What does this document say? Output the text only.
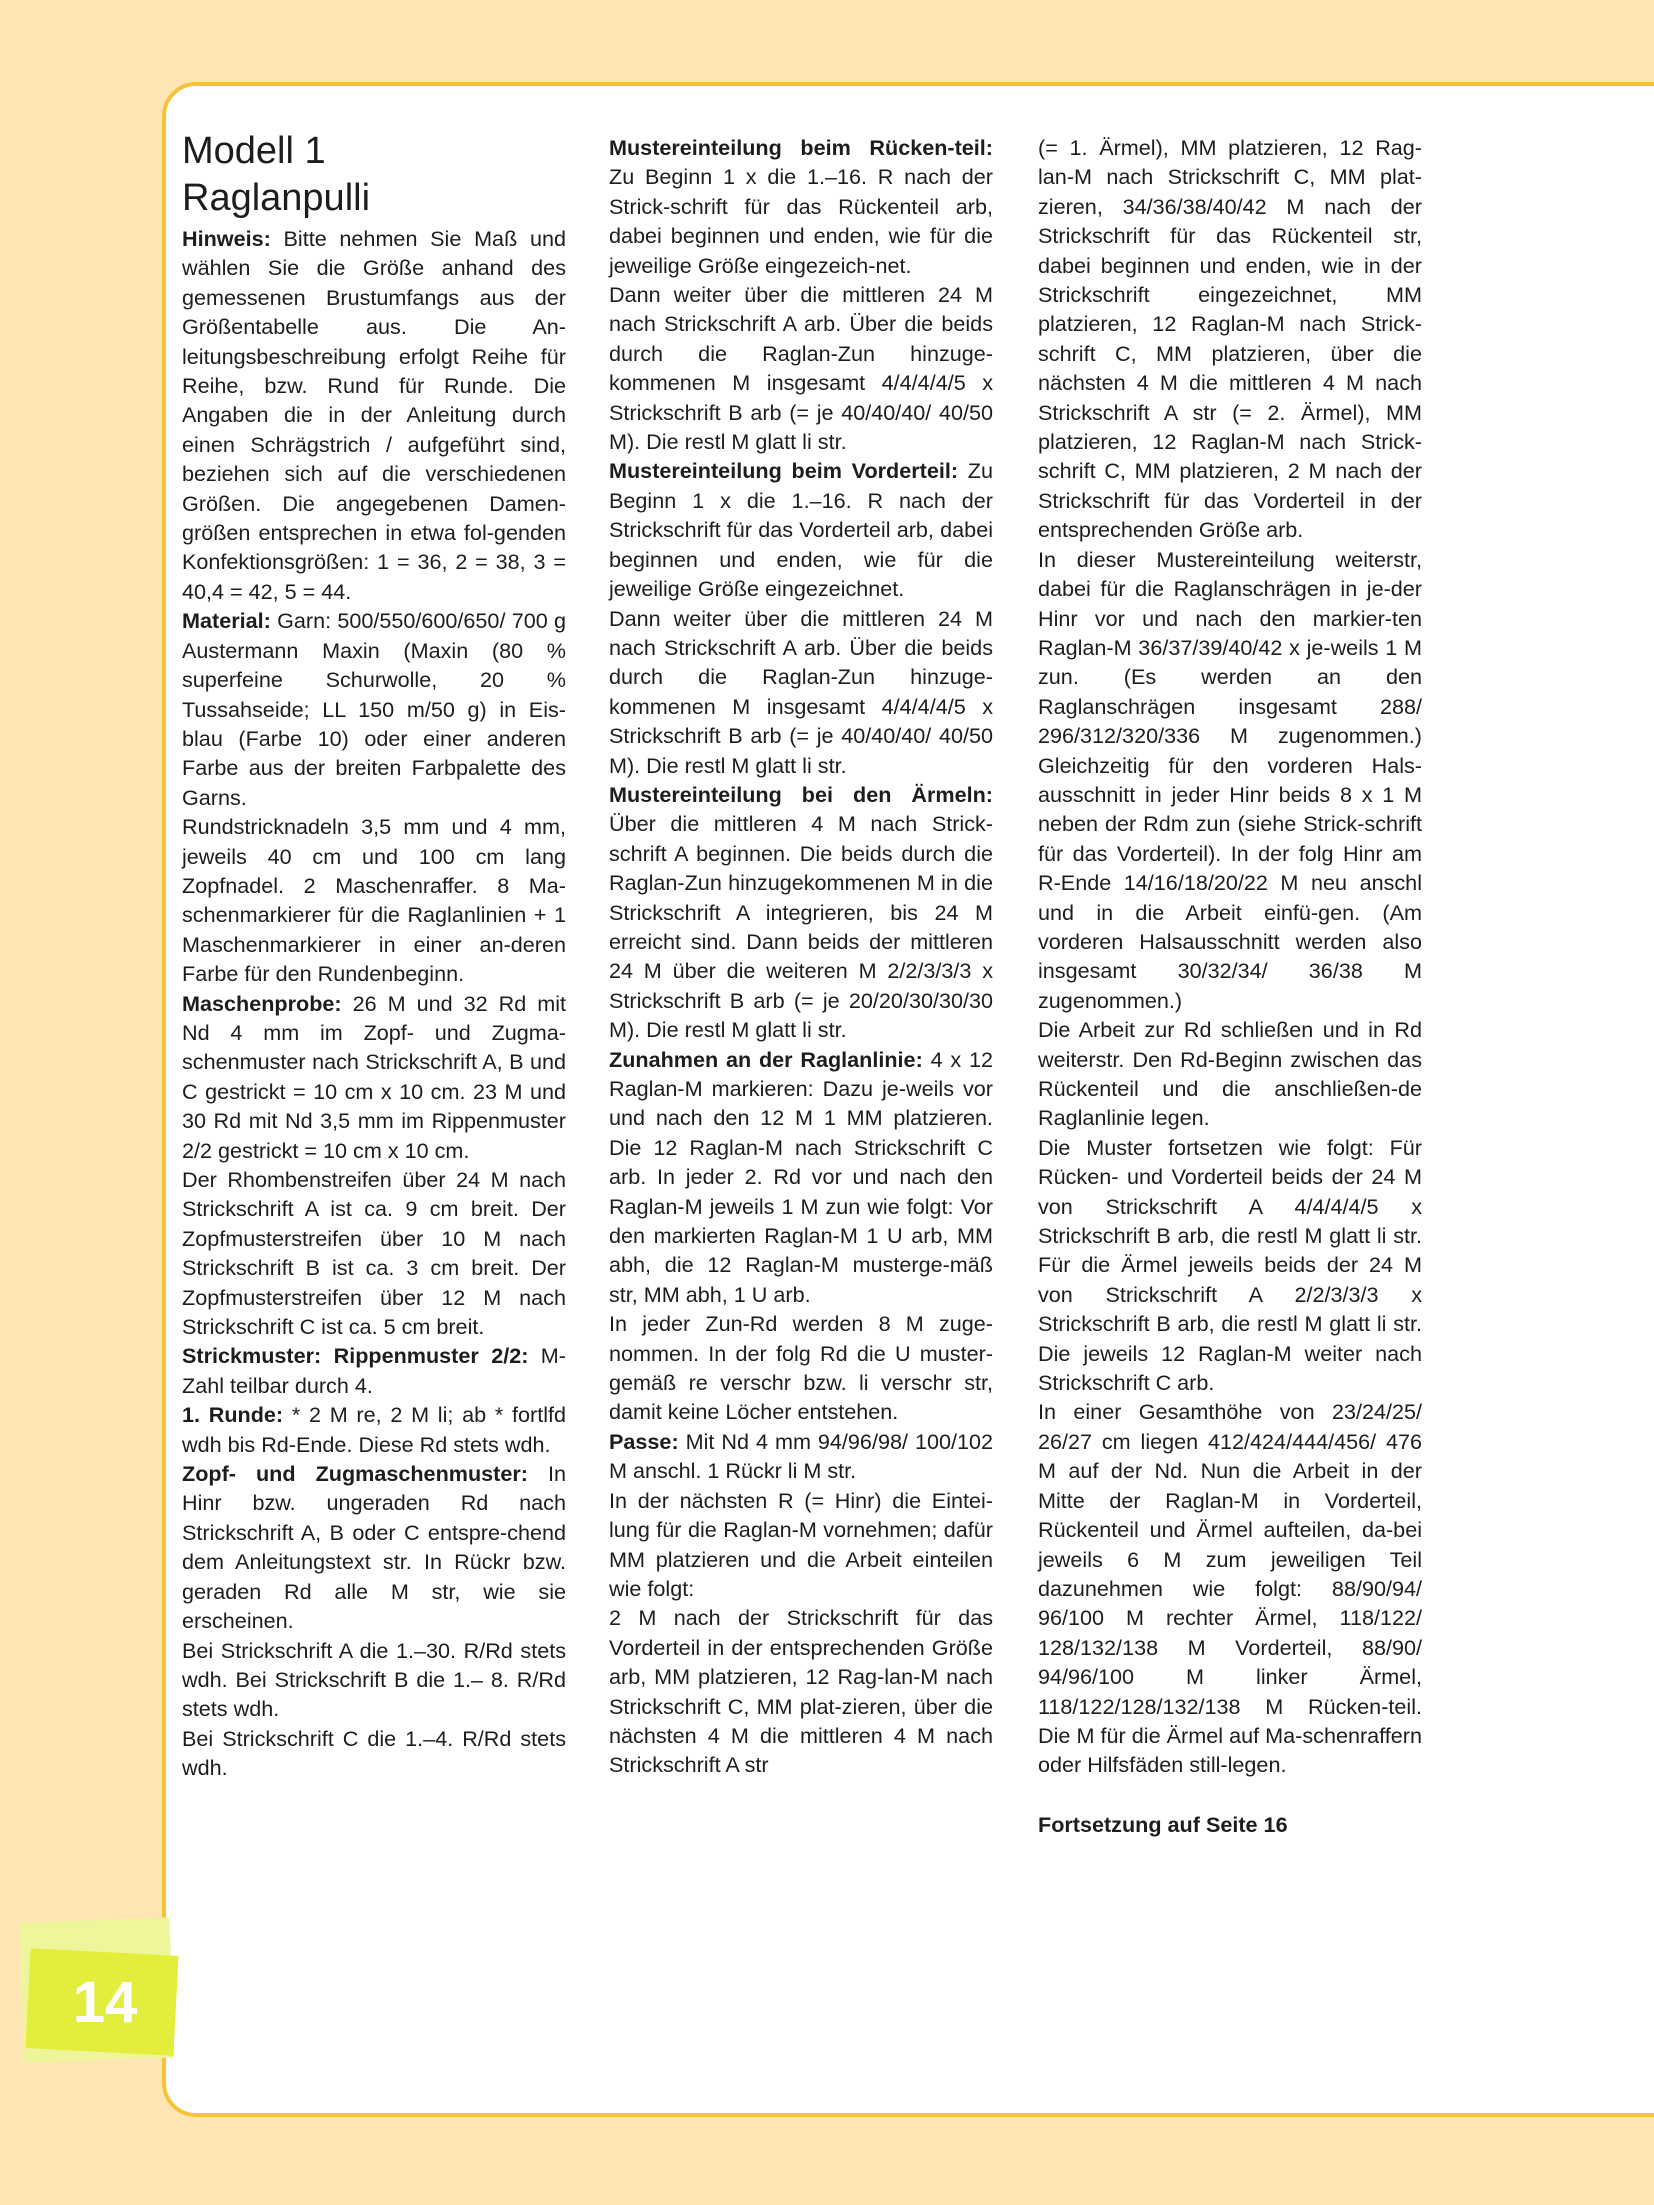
14
Modell 1
Raglanpulli

Hinweis: Bitte nehmen Sie Maß und wählen Sie die Größe anhand des gemessenen Brustumfangs aus der Größentabelle aus. Die An-leitungsbeschreibung erfolgt Reihe für Reihe, bzw. Rund für Runde. Die Angaben die in der Anleitung durch einen Schrägstrich / aufgeführt sind, beziehen sich auf die verschiedenen Größen. Die angegebenen Damen-größen entsprechen in etwa fol-genden Konfektionsgrößen: 1 = 36, 2 = 38, 3 = 40,4 = 42, 5 = 44.

Material: Garn: 500/550/600/650/ 700 g Austermann Maxin (Maxin (80 % superfeine Schurwolle, 20 % Tussahseide; LL 150 m/50 g) in Eis-blau (Farbe 10) oder einer anderen Farbe aus der breiten Farbpalette des Garns.

Rundstricknadeln 3,5 mm und 4 mm, jeweils 40 cm und 100 cm lang Zopfnadel. 2 Maschenraffer. 8 Ma-schenmarkierer für die Raglanlinien + 1 Maschenmarkierer in einer an-deren Farbe für den Rundenbeginn.

Maschenprobe: 26 M und 32 Rd mit Nd 4 mm im Zopf- und Zugma-schenmuster nach Strickschrift A, B und C gestrickt = 10 cm x 10 cm. 23 M und 30 Rd mit Nd 3,5 mm im Rippenmuster 2/2 gestrickt = 10 cm x 10 cm.

Der Rhombenstreifen über 24 M nach Strickschrift A ist ca. 9 cm breit. Der Zopfmusterstreifen über 10 M nach Strickschrift B ist ca. 3 cm breit. Der Zopfmusterstreifen über 12 M nach Strickschrift C ist ca. 5 cm breit.

Strickmuster: Rippenmuster 2/2: M-Zahl teilbar durch 4.

1. Runde: * 2 M re, 2 M li; ab * fortlfd wdh bis Rd-Ende. Diese Rd stets wdh.

Zopf- und Zugmaschenmuster: In Hinr bzw. ungeraden Rd nach Strickschrift A, B oder C entspre-chend dem Anleitungstext str. In Rückr bzw. geraden Rd alle M str, wie sie erscheinen.

Bei Strickschrift A die 1.–30. R/Rd stets wdh. Bei Strickschrift B die 1.– 8. R/Rd stets wdh.

Bei Strickschrift C die 1.–4. R/Rd stets wdh.

Mustereinteilung beim Rücken-teil: Zu Beginn 1 x die 1.–16. R nach der Strick-schrift für das Rückenteil arb, dabei beginnen und enden, wie für die jeweilige Größe eingezeich-net.

Dann weiter über die mittleren 24 M nach Strickschrift A arb. Über die beids durch die Raglan-Zun hinzuge-kommenen M insgesamt 4/4/4/4/5 x Strickschrift B arb (= je 40/40/40/ 40/50 M). Die restl M glatt li str.

Mustereinteilung beim Vorderteil: Zu Beginn 1 x die 1.–16. R nach der Strickschrift für das Vorderteil arb, dabei beginnen und enden, wie für die jeweilige Größe eingezeichnet.

Dann weiter über die mittleren 24 M nach Strickschrift A arb. Über die beids durch die Raglan-Zun hinzuge-kommenen M insgesamt 4/4/4/4/5 x Strickschrift B arb (= je 40/40/40/ 40/50 M). Die restl M glatt li str.

Mustereinteilung bei den Ärmeln: Über die mittleren 4 M nach Strick-schrift A beginnen. Die beids durch die Raglan-Zun hinzugekommenen M in die Strickschrift A integrieren, bis 24 M erreicht sind. Dann beids der mittleren 24 M über die weiteren M 2/2/3/3/3 x Strickschrift B arb (= je 20/20/30/30/30 M). Die restl M glatt li str.

Zunahmen an der Raglanlinie: 4 x 12 Raglan-M markieren: Dazu je-weils vor und nach den 12 M 1 MM platzieren. Die 12 Raglan-M nach Strickschrift C arb. In jeder 2. Rd vor und nach den Raglan-M jeweils 1 M zun wie folgt: Vor den markierten Raglan-M 1 U arb, MM abh, die 12 Raglan-M musterge-mäß str, MM abh, 1 U arb.

In jeder Zun-Rd werden 8 M zuge-nommen. In der folg Rd die U muster-gemäß re verschr bzw. li verschr str, damit keine Löcher entstehen.

Passe: Mit Nd 4 mm 94/96/98/ 100/102 M anschl. 1 Rückr li M str.

In der nächsten R (= Hinr) die Eintei-lung für die Raglan-M vornehmen; dafür MM platzieren und die Arbeit einteilen wie folgt:

2 M nach der Strickschrift für das Vorderteil in der entsprechenden Größe arb, MM platzieren, 12 Rag-lan-M nach Strickschrift C, MM plat-zieren, über die nächsten 4 M die mittleren 4 M nach Strickschrift A str

(= 1. Ärmel), MM platzieren, 12 Rag-lan-M nach Strickschrift C, MM plat-zieren, 34/36/38/40/42 M nach der Strickschrift für das Rückenteil str, dabei beginnen und enden, wie in der Strickschrift eingezeichnet, MM platzieren, 12 Raglan-M nach Strick-schrift C, MM platzieren, über die nächsten 4 M die mittleren 4 M nach Strickschrift A str (= 2. Ärmel), MM platzieren, 12 Raglan-M nach Strick-schrift C, MM platzieren, 2 M nach der Strickschrift für das Vorderteil in der entsprechenden Größe arb.

In dieser Mustereinteilung weiterstr, dabei für die Raglanschrägen in je-der Hinr vor und nach den markier-ten Raglan-M 36/37/39/40/42 x je-weils 1 M zun. (Es werden an den Raglanschrägen insgesamt 288/ 296/312/320/336 M zugenommen.) Gleichzeitig für den vorderen Hals-ausschnitt in jeder Hinr beids 8 x 1 M neben der Rdm zun (siehe Strick-schrift für das Vorderteil). In der folg Hinr am R-Ende 14/16/18/20/22 M neu anschl und in die Arbeit einfü-gen. (Am vorderen Halsausschnitt werden also insgesamt 30/32/34/ 36/38 M zugenommen.)

Die Arbeit zur Rd schließen und in Rd weiterstr. Den Rd-Beginn zwischen das Rückenteil und die anschließen-de Raglanlinie legen.

Die Muster fortsetzen wie folgt: Für Rücken- und Vorderteil beids der 24 M von Strickschrift A 4/4/4/4/5 x Strickschrift B arb, die restl M glatt li str. Für die Ärmel jeweils beids der 24 M von Strickschrift A 2/2/3/3/3 x Strickschrift B arb, die restl M glatt li str. Die jeweils 12 Raglan-M weiter nach Strickschrift C arb.

In einer Gesamthöhe von 23/24/25/ 26/27 cm liegen 412/424/444/456/ 476 M auf der Nd. Nun die Arbeit in der Mitte der Raglan-M in Vorderteil, Rückenteil und Ärmel aufteilen, da-bei jeweils 6 M zum jeweiligen Teil dazunehmen wie folgt: 88/90/94/ 96/100 M rechter Ärmel, 118/122/ 128/132/138 M Vorderteil, 88/90/ 94/96/100 M linker Ärmel, 118/122/128/132/138 M Rücken-teil. Die M für die Ärmel auf Ma-schenraffern oder Hilfsfäden still-legen.

Fortsetzung auf Seite 16
